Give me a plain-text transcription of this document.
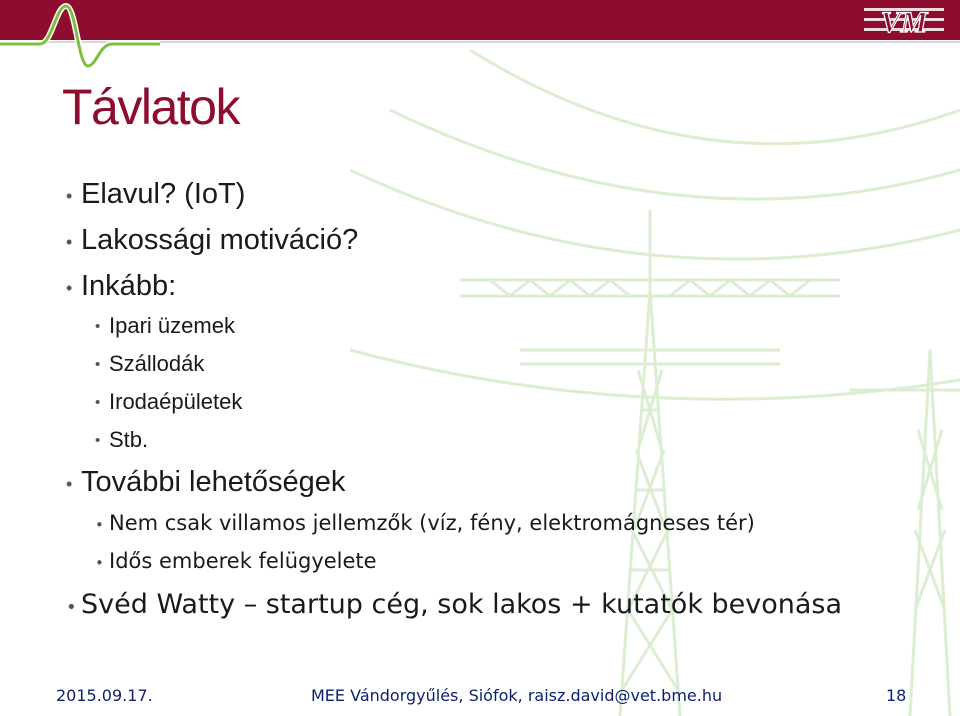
VM
Távlatok
• Elavul? (IoT)
• Lakossági motiváció?
• Inkább:
• Ipari üzemek
• Szállodák
• Irodaépületek
• Stb.
• További lehetőségek
• Nem csak villamos jellemzők (víz, fény, elektromágneses tér)
• Idős emberek felügyelete
• Svéd Watty – startup cég, sok lakos + kutatók bevonása
2015.09.17.	MEE Vándorgyűlés, Siófok, raisz.david@vet.bme.hu	18
